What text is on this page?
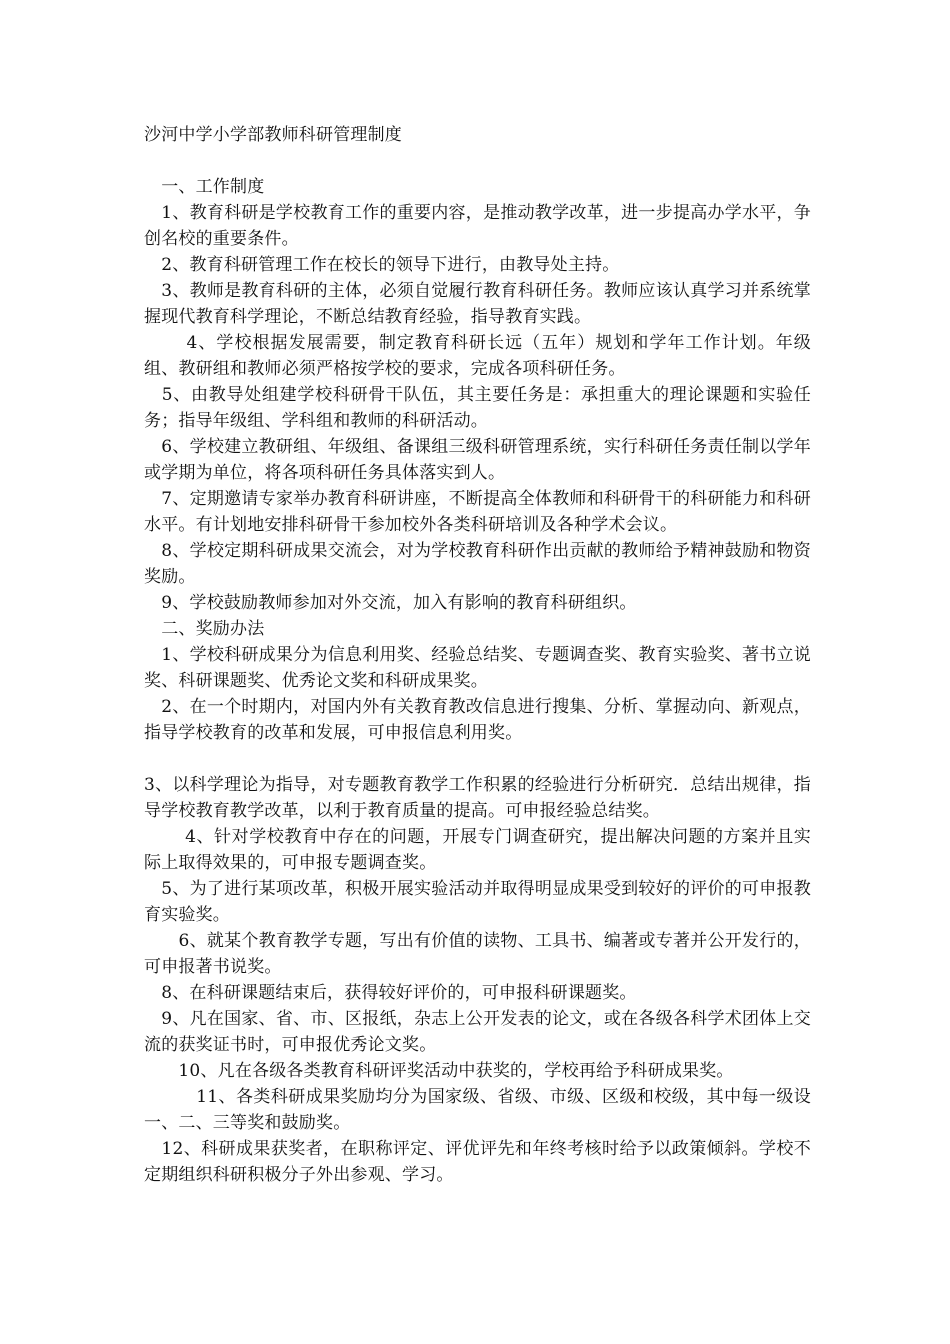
沙河中学小学部教师科研管理制度

　一、工作制度

　1、教育科研是学校教育工作的重要内容，是推动教学改革，进一步提高办学水平，争创名校的重要条件。

　2、教育科研管理工作在校长的领导下进行，由教导处主持。

　3、教师是教育科研的主体，必须自觉履行教育科研任务。教师应该认真学习并系统掌握现代教育科学理论，不断总结教育经验，指导教育实践。

　　 4、学校根据发展需要，制定教育科研长远（五年）规划和学年工作计划。年级组、教研组和教师必须严格按学校的要求，完成各项科研任务。

　5、由教导处组建学校科研骨干队伍，其主要任务是：承担重大的理论课题和实验任务；指导年级组、学科组和教师的科研活动。

　6、学校建立教研组、年级组、备课组三级科研管理系统，实行科研任务责任制以学年或学期为单位，将各项科研任务具体落实到人。

　7、定期邀请专家举办教育科研讲座，不断提高全体教师和科研骨干的科研能力和科研水平。有计划地安排科研骨干参加校外各类科研培训及各种学术会议。

　8、学校定期科研成果交流会，对为学校教育科研作出贡献的教师给予精神鼓励和物资奖励。

　9、学校鼓励教师参加对外交流，加入有影响的教育科研组织。

　二、奖励办法

　1、学校科研成果分为信息利用奖、经验总结奖、专题调查奖、教育实验奖、著书立说奖、科研课题奖、优秀论文奖和科研成果奖。

　2、在一个时期内，对国内外有关教育教改信息进行搜集、分析、掌握动向、新观点，指导学校教育的改革和发展，可申报信息利用奖。

3、以科学理论为指导，对专题教育教学工作积累的经验进行分析研究．总结出规律，指导学校教育教学改革，以利于教育质量的提高。可申报经验总结奖。

　　 4、针对学校教育中存在的问题，开展专门调查研究，提出解决问题的方案并且实际上取得效果的，可申报专题调查奖。

　5、为了进行某项改革，积极开展实验活动并取得明显成果受到较好的评价的可申报教育实验奖。

　　6、就某个教育教学专题，写出有价值的读物、工具书、编著或专著并公开发行的，可申报著书说奖。

　8、在科研课题结束后，获得较好评价的，可申报科研课题奖。

　9、凡在国家、省、市、区报纸，杂志上公开发表的论文，或在各级各科学术团体上交流的获奖证书时，可申报优秀论文奖。

　　10、凡在各级各类教育科研评奖活动中获奖的，学校再给予科研成果奖。

　　　11、各类科研成果奖励均分为国家级、省级、市级、区级和校级，其中每一级设一、二、三等奖和鼓励奖。

　12、科研成果获奖者，在职称评定、评优评先和年终考核时给予以政策倾斜。学校不定期组织科研积极分子外出参观、学习。
